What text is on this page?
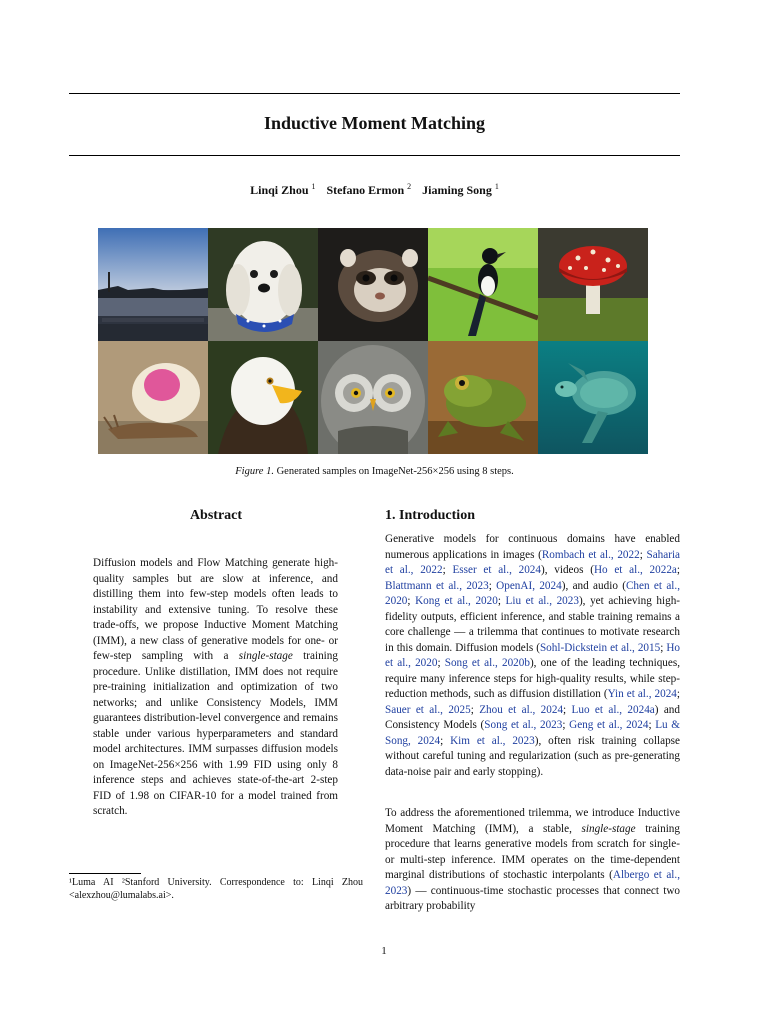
Inductive Moment Matching
Linqi Zhou $^1$ Stefano Ermon $^2$ Jiaming Song $^1$
Figure 1. Generated samples on ImageNet-256×256 using 8 steps.
Abstract

Diffusion models and Flow Matching generate high-quality samples but are slow at inference, and distilling them into few-step models often leads to instability and extensive tuning. To resolve these trade-offs, we propose Inductive Moment Matching (IMM), a new class of generative models for one- or few-step sampling with a single-stage training procedure. Unlike distillation, IMM does not require pre-training initialization and optimization of two networks; and unlike Consistency Models, IMM guarantees distribution-level convergence and remains stable under various hyperparameters and standard model architectures. IMM surpasses diffusion models on ImageNet-256×256 with 1.99 FID using only 8 inference steps and achieves state-of-the-art 2-step FID of 1.98 on CIFAR-10 for a model trained from scratch.

1. Introduction

Generative models for continuous domains have enabled numerous applications in images (Rombach et al., 2022; Saharia et al., 2022; Esser et al., 2024), videos (Ho et al., 2022a; Blattmann et al., 2023; OpenAI, 2024), and audio (Chen et al., 2020; Kong et al., 2020; Liu et al., 2023), yet achieving high-fidelity outputs, efficient inference, and stable training remains a core challenge — a trilemma that continues to motivate research in this domain. Diffusion models (Sohl-Dickstein et al., 2015; Ho et al., 2020; Song et al., 2020b), one of the leading techniques, require many inference steps for high-quality results, while step-reduction methods, such as diffusion distillation (Yin et al., 2024; Sauer et al., 2025; Zhou et al., 2024; Luo et al., 2024a) and Consistency Models (Song et al., 2023; Geng et al., 2024; Lu & Song, 2024; Kim et al., 2023), often risk training collapse without careful tuning and regularization (such as pre-generating data-noise pair and early stopping).

To address the aforementioned trilemma, we introduce Inductive Moment Matching (IMM), a stable, single-stage training procedure that learns generative models from scratch for single- or multi-step inference. IMM operates on the time-dependent marginal distributions of stochastic interpolants (Albergo et al., 2023) — continuous-time stochastic processes that connect two arbitrary probability

¹Luma AI ²Stanford University. Correspondence to: Linqi Zhou <alexzhou@lumalabs.ai>.
1
